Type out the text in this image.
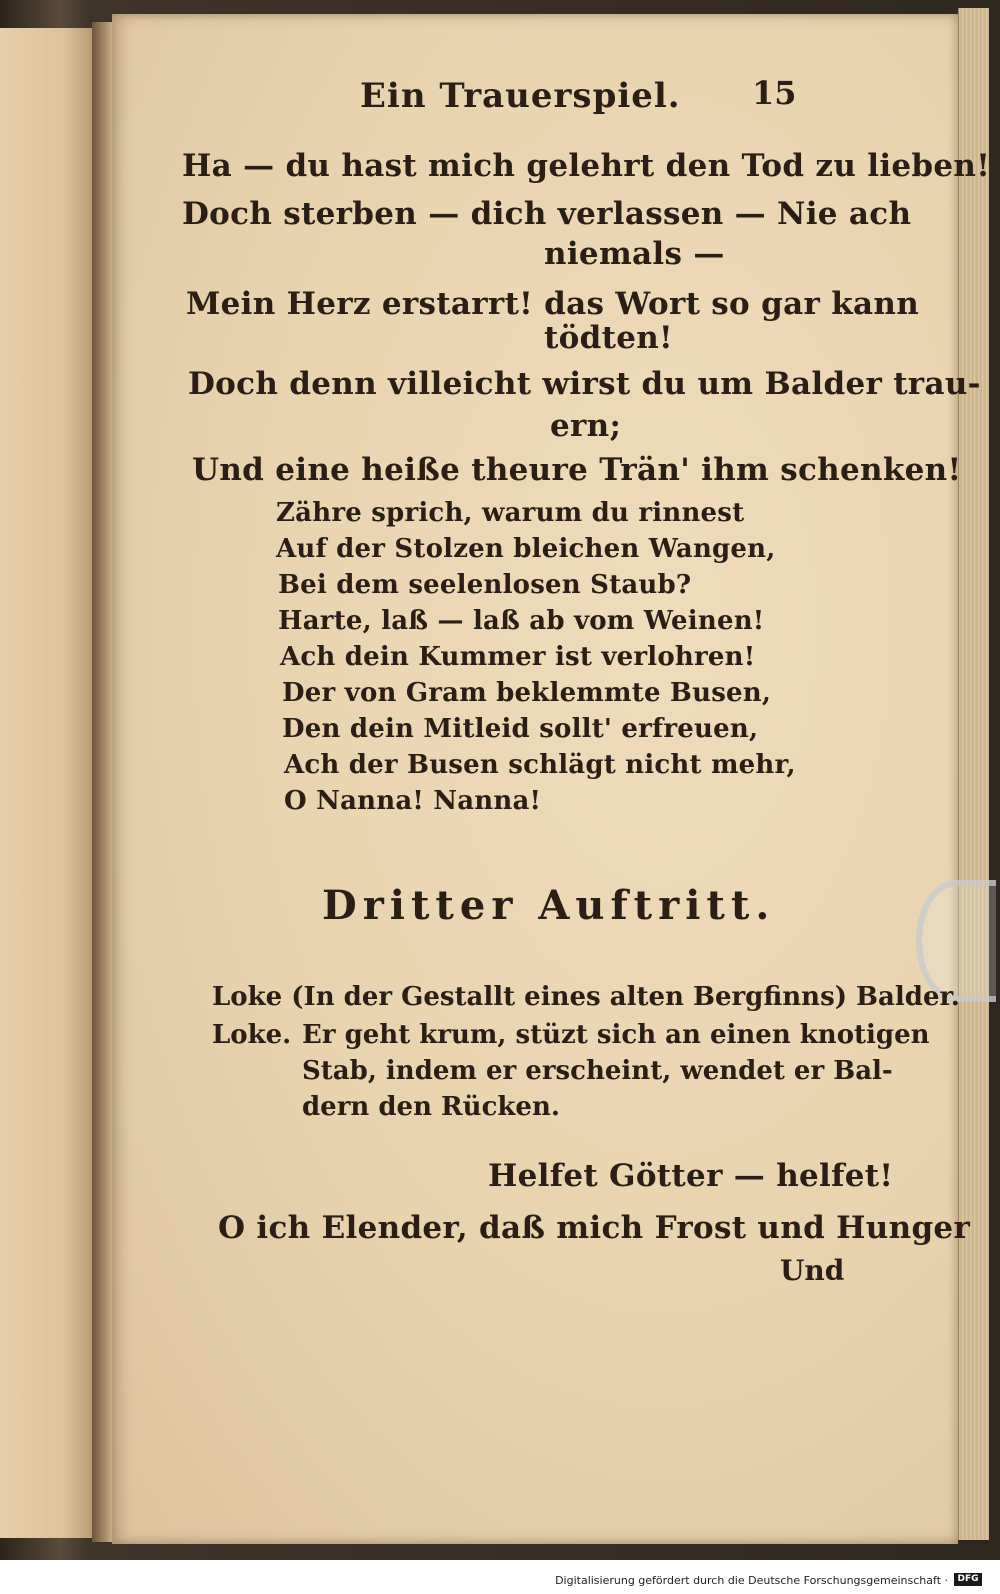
Ein Trauerspiel. 15
Ha — du hast mich gelehrt den Tod zu lieben!
Doch sterben — dich verlassen — Nie ach
niemals —
Mein Herz erstarrt! das Wort so gar kann
tödten!
Doch denn villeicht wirst du um Balder trau-
ern;
Und eine heiße theure Trän' ihm schenken!
Zähre sprich, warum du rinnest
Auf der Stolzen bleichen Wangen,
Bei dem seelenlosen Staub?
Harte, laß — laß ab vom Weinen!
Ach dein Kummer ist verlohren!
Der von Gram beklemmte Busen,
Den dein Mitleid sollt' erfreuen,
Ach der Busen schlägt nicht mehr,
O Nanna! Nanna!
Dritter Auftritt.
Loke (In der Gestallt eines alten Bergfinns) Balder.
Loke. Er geht krum, stüzt sich an einen knotigen
Stab, indem er erscheint, wendet er Bal-
dern den Rücken.
Helfet Götter — helfet!
O ich Elender, daß mich Frost und Hunger
Und
Digitalisierung gefördert durch die Deutsche Forschungsgemeinschaft ·	DFG
